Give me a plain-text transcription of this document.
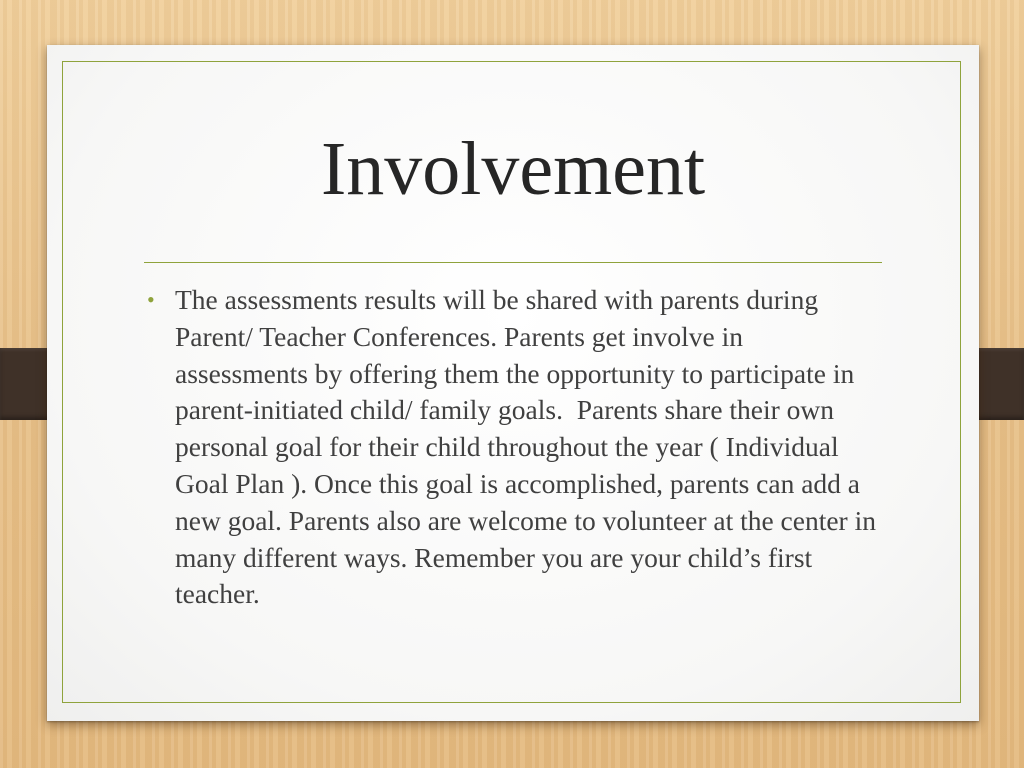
Involvement
• The assessments results will be shared with parents during Parent/ Teacher Conferences. Parents get involve in  assessments by offering them the opportunity to participate in parent-initiated child/ family goals.  Parents share their own personal goal for their child throughout the year ( Individual Goal Plan ). Once this goal is accomplished, parents can add a new goal. Parents also are welcome to volunteer at the center in many different ways. Remember you are your child’s first teacher.
